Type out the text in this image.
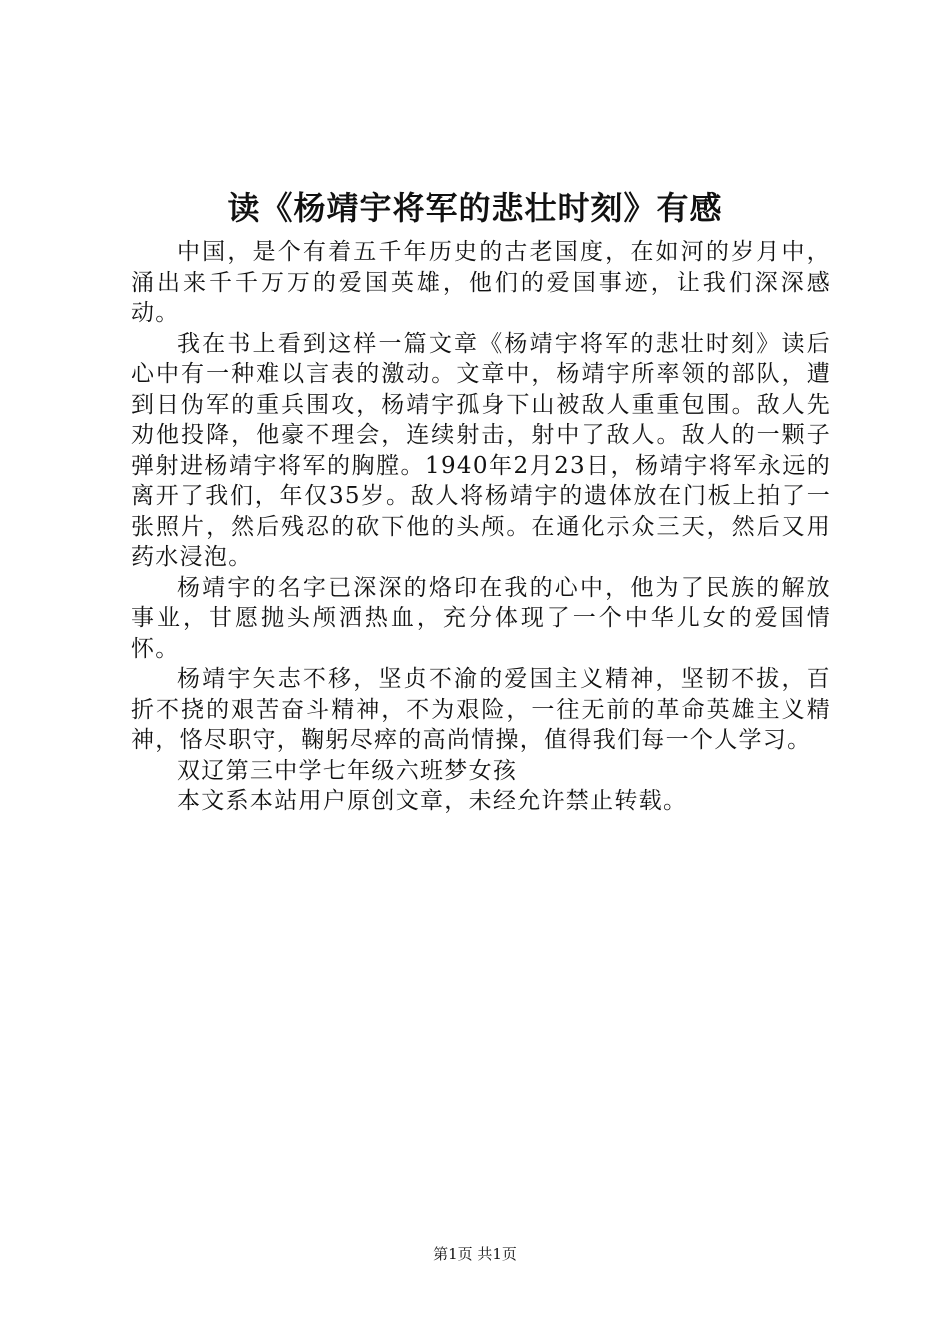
读《杨靖宇将军的悲壮时刻》有感

中国，是个有着五千年历史的古老国度，在如河的岁月中，涌出来千千万万的爱国英雄，他们的爱国事迹，让我们深深感动。

我在书上看到这样一篇文章《杨靖宇将军的悲壮时刻》读后心中有一种难以言表的激动。文章中，杨靖宇所率领的部队，遭到日伪军的重兵围攻，杨靖宇孤身下山被敌人重重包围。敌人先劝他投降，他豪不理会，连续射击，射中了敌人。敌人的一颗子弹射进杨靖宇将军的胸膛。1940年2月23日，杨靖宇将军永远的离开了我们，年仅35岁。敌人将杨靖宇的遗体放在门板上拍了一张照片，然后残忍的砍下他的头颅。在通化示众三天，然后又用药水浸泡。

杨靖宇的名字已深深的烙印在我的心中，他为了民族的解放事业，甘愿抛头颅洒热血，充分体现了一个中华儿女的爱国情怀。

杨靖宇矢志不移，坚贞不渝的爱国主义精神，坚韧不拔，百折不挠的艰苦奋斗精神，不为艰险，一往无前的革命英雄主义精神，恪尽职守，鞠躬尽瘁的高尚情操，值得我们每一个人学习。

双辽第三中学七年级六班梦女孩

本文系本站用户原创文章，未经允许禁止转载。

第1页 共1页
